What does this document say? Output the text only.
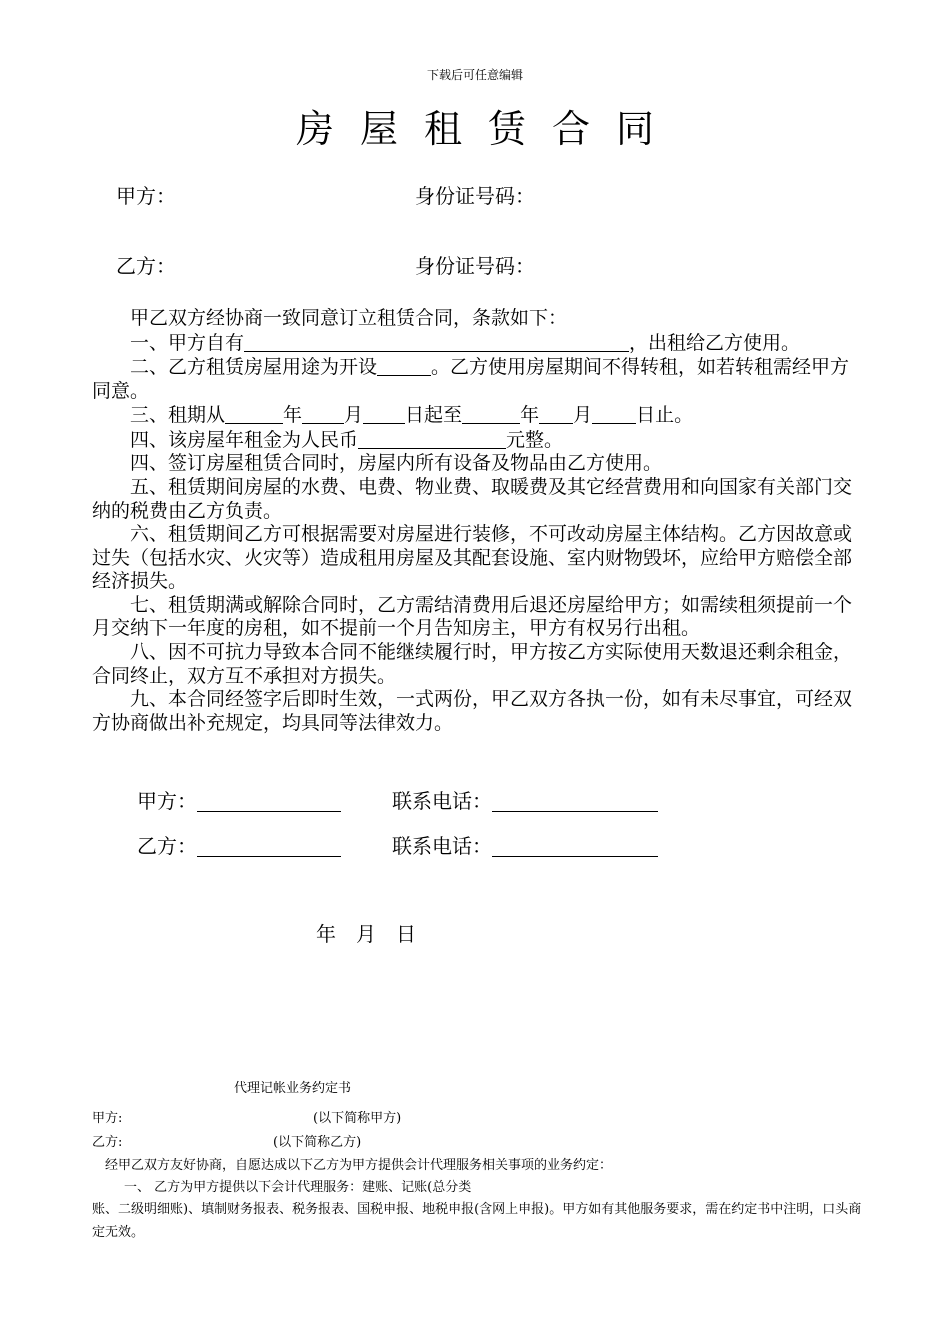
下载后可任意编辑
房屋租赁合同
甲方：	身份证号码：
乙方：	身份证号码：

甲乙双方经协商一致同意订立租赁合同，条款如下：

一、甲方自有	，出租给乙方使用。

二、乙方租赁房屋用途为开设	。乙方使用房屋期间不得转租，如若转租需经甲方同意。

三、租期从	年 月 日起至	年 月 日止。

四、该房屋年租金为人民币	元整。

四、签订房屋租赁合同时，房屋内所有设备及物品由乙方使用。

五、租赁期间房屋的水费、电费、物业费、取暖费及其它经营费用和向国家有关部门交纳的税费由乙方负责。

六、租赁期间乙方可根据需要对房屋进行装修，不可改动房屋主体结构。乙方因故意或过失（包括水灾、火灾等）造成租用房屋及其配套设施、室内财物毁坏，应给甲方赔偿全部经济损失。

七、租赁期满或解除合同时，乙方需结清费用后退还房屋给甲方；如需续租须提前一个月交纳下一年度的房租，如不提前一个月告知房主，甲方有权另行出租。

八、因不可抗力导致本合同不能继续履行时，甲方按乙方实际使用天数退还剩余租金，合同终止，双方互不承担对方损失。

九、本合同经签字后即时生效，一式两份，甲乙双方各执一份，如有未尽事宜，可经双方协商做出补充规定，均具同等法律效力。

甲方：	联系电话：
乙方：	联系电话：
年 月 日
代理记帐业务约定书
甲方:	(以下简称甲方)
乙方:	(以下简称乙方)
经甲乙双方友好协商，自愿达成以下乙方为甲方提供会计代理服务相关事项的业务约定：
一、 乙方为甲方提供以下会计代理服务：建账、记账(总分类
账、二级明细账)、填制财务报表、税务报表、国税申报、地税申报(含网上申报)。甲方如有其他服务要求，需在约定书中注明，口头商定无效。
